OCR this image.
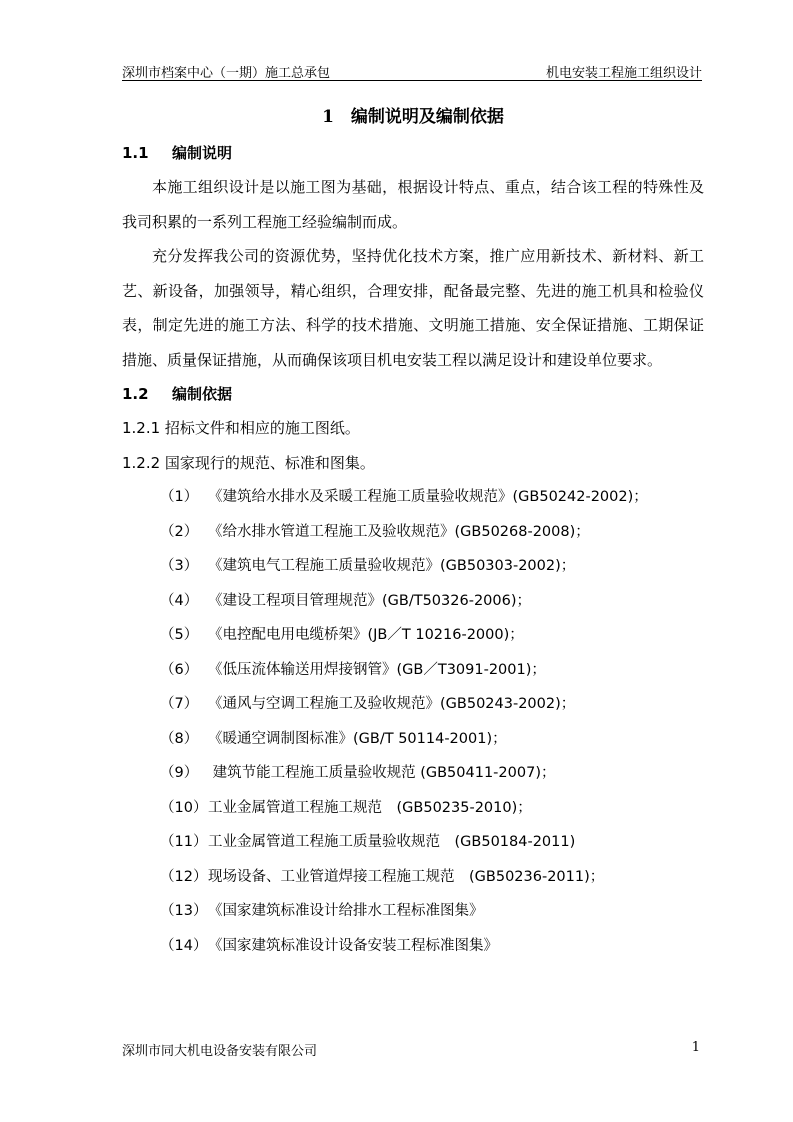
深圳市档案中心（一期）施工总承包	机电安装工程施工组织设计
1　编制说明及编制依据
1.1 编制说明

本施工组织设计是以施工图为基础，根据设计特点、重点，结合该工程的特殊性及我司积累的一系列工程施工经验编制而成。

充分发挥我公司的资源优势，坚持优化技术方案，推广应用新技术、新材料、新工艺、新设备，加强领导，精心组织，合理安排，配备最完整、先进的施工机具和检验仪表，制定先进的施工方法、科学的技术措施、文明施工措施、安全保证措施、工期保证措施、质量保证措施，从而确保该项目机电安装工程以满足设计和建设单位要求。

1.2 编制依据
1.2.1 招标文件和相应的施工图纸。
1.2.2 国家现行的规范、标准和图集。
（1） 《建筑给水排水及采暖工程施工质量验收规范》(GB50242-2002)；
（2） 《给水排水管道工程施工及验收规范》(GB50268-2008)；
（3） 《建筑电气工程施工质量验收规范》(GB50303-2002)；
（4） 《建设工程项目管理规范》(GB/T50326-2006)；
（5） 《电控配电用电缆桥架》(JB／T 10216-2000)；
（6） 《低压流体输送用焊接钢管》(GB／T3091-2001)；
（7） 《通风与空调工程施工及验收规范》(GB50243-2002)；
（8） 《暖通空调制图标准》(GB/T 50114-2001)；
（9） 建筑节能工程施工质量验收规范 (GB50411-2007)；
（10）工业金属管道工程施工规范　(GB50235-2010)；
（11）工业金属管道工程施工质量验收规范　(GB50184-2011)
（12）现场设备、工业管道焊接工程施工规范　(GB50236-2011)；
（13）《国家建筑标准设计给排水工程标准图集》
（14）《国家建筑标准设计设备安装工程标准图集》
深圳市同大机电设备安装有限公司	1
